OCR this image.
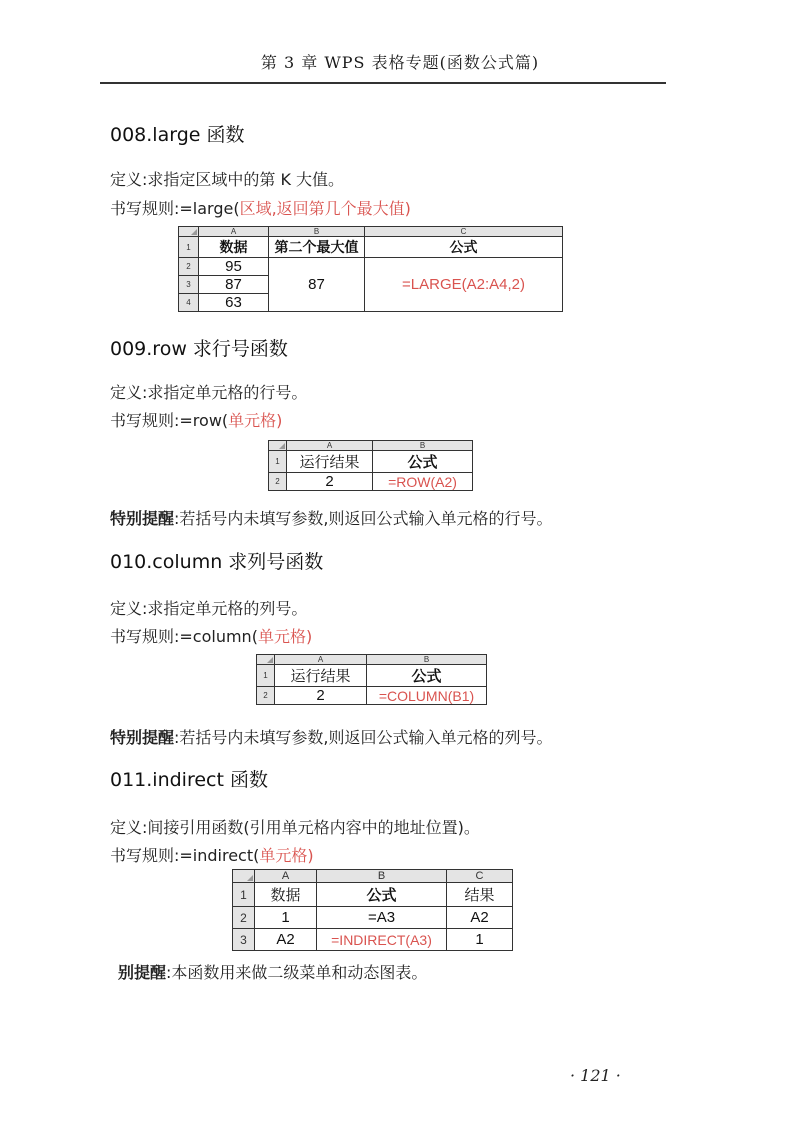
第 3 章 WPS 表格专题(函数公式篇)
008.large 函数
定义:求指定区域中的第 K 大值。
书写规则:=large(区域,返回第几个最大值)
	A	B	C
1	数据	第二个最大值	公式
2	95	87	=LARGE(A2:A4,2)
3	87		
4	63		
009.row 求行号函数
定义:求指定单元格的行号。
书写规则:=row(单元格)
	A	B
1	运行结果	公式
2	2	=ROW(A2)
特别提醒:若括号内未填写参数,则返回公式输入单元格的行号。
010.column 求列号函数
定义:求指定单元格的列号。
书写规则:=column(单元格)
	A	B
1	运行结果	公式
2	2	=COLUMN(B1)
特别提醒:若括号内未填写参数,则返回公式输入单元格的列号。
011.indirect 函数
定义:间接引用函数(引用单元格内容中的地址位置)。
书写规则:=indirect(单元格)
	A	B	C
1	数据	公式	结果
2	1	=A3	A2
3	A2	=INDIRECT(A3)	1
别提醒:本函数用来做二级菜单和动态图表。
· 121 ·
